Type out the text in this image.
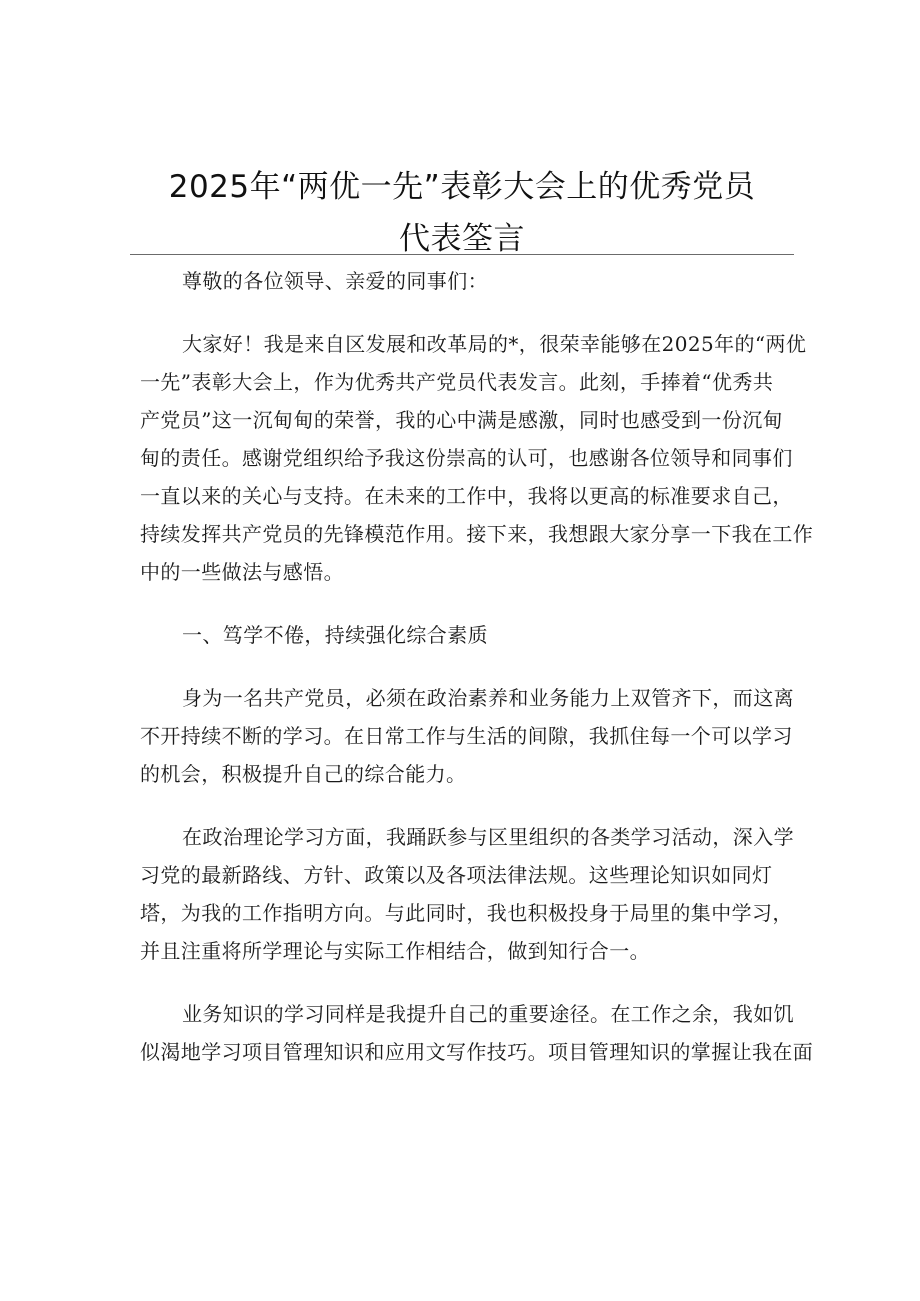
2025年“两优一先”表彰大会上的优秀党员
代表筌言
尊敬的各位领导、亲爱的同事们：
大家好！我是来自区发展和改革局的*，很荣幸能够在2025年的“两优
一先”表彰大会上，作为优秀共产党员代表发言。此刻，手捧着“优秀共
产党员”这一沉甸甸的荣誉，我的心中满是感激，同时也感受到一份沉甸
甸的责任。感谢党组织给予我这份崇高的认可，也感谢各位领导和同事们
一直以来的关心与支持。在未来的工作中，我将以更高的标准要求自己，
持续发挥共产党员的先锋模范作用。接下来，我想跟大家分享一下我在工作
中的一些做法与感悟。
一、笃学不倦，持续强化综合素质
身为一名共产党员，必须在政治素养和业务能力上双管齐下，而这离
不开持续不断的学习。在日常工作与生活的间隙，我抓住每一个可以学习
的机会，积极提升自己的综合能力。
在政治理论学习方面，我踊跃参与区里组织的各类学习活动，深入学
习党的最新路线、方针、政策以及各项法律法规。这些理论知识如同灯
塔，为我的工作指明方向。与此同时，我也积极投身于局里的集中学习，
并且注重将所学理论与实际工作相结合，做到知行合一。
业务知识的学习同样是我提升自己的重要途径。在工作之余，我如饥
似渴地学习项目管理知识和应用文写作技巧。项目管理知识的掌握让我在面
